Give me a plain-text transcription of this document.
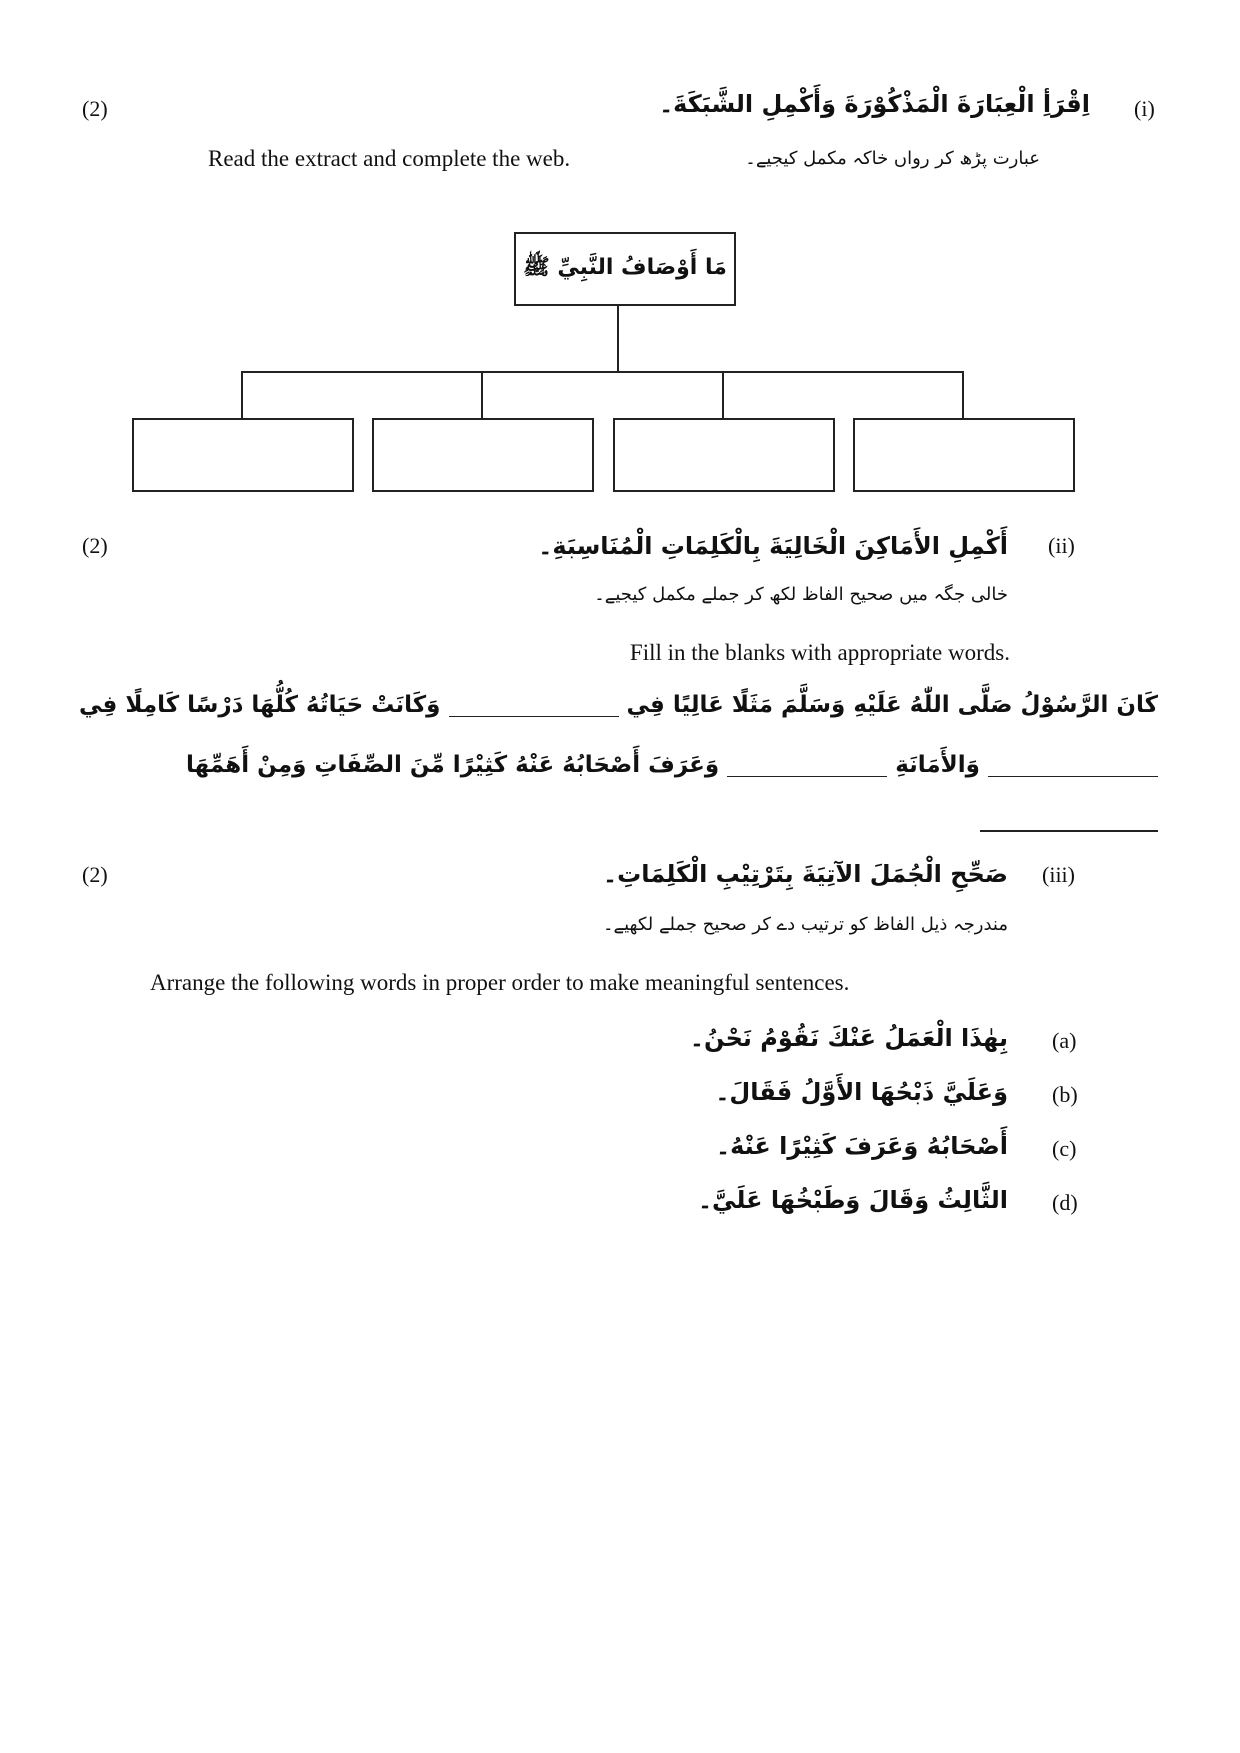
(2)	(i)
اِقْرَأِ الْعِبَارَةَ الْمَذْكُوْرَةَ وَأَكْمِلِ الشَّبَكَةَ۔
عبارت پڑھ کر رواں خاکہ مکمل کیجیے۔
Read the extract and complete the web.
مَا أَوْصَافُ النَّبِيِّ ﷺ
(2)	(ii)
أَكْمِلِ الأَمَاكِنَ الْخَالِيَةَ بِالْكَلِمَاتِ الْمُنَاسِبَةِ۔
خالی جگہ میں صحیح الفاظ لکھ کر جملے مکمل کیجیے۔
Fill in the blanks with appropriate words.
كَانَ الرَّسُوْلُ صَلَّى اللّٰهُ عَلَيْهِ وَسَلَّمَ مَثَلًا عَالِيًا فِي  وَكَانَتْ حَيَاتُهُ كُلُّهَا دَرْسًا كَامِلًا فِي
وَالأَمَانَةِ  وَعَرَفَ أَصْحَابُهُ عَنْهُ كَثِيْرًا مِّنَ الصِّفَاتِ وَمِنْ أَهَمِّهَا
(2)	(iii)
صَحِّحِ الْجُمَلَ الآتِيَةَ بِتَرْتِيْبِ الْكَلِمَاتِ۔
مندرجہ ذیل الفاظ کو ترتیب دے کر صحیح جملے لکھیے۔
Arrange the following words in proper order to make meaningful sentences.
(a)
بِهٰذَا الْعَمَلُ عَنْكَ نَقُوْمُ نَحْنُ۔
(b)
وَعَلَيَّ ذَبْحُهَا الأَوَّلُ فَقَالَ۔
(c)
أَصْحَابُهُ وَعَرَفَ كَثِيْرًا عَنْهُ۔
(d)
الثَّالِثُ وَقَالَ وَطَبْخُهَا عَلَيَّ۔
